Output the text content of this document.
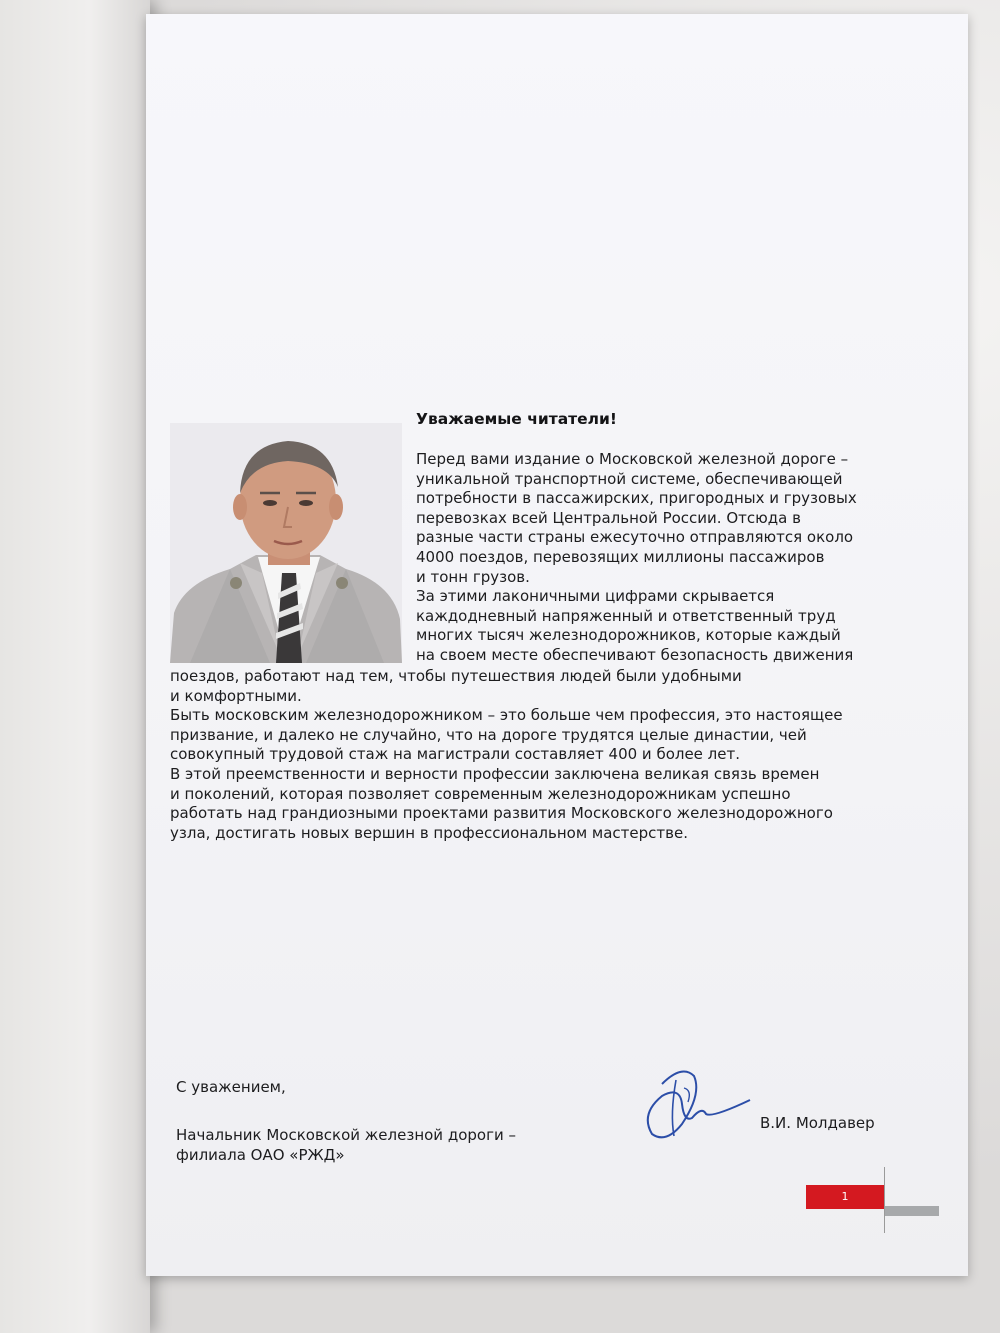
Уважаемые читатели!

Перед вами издание о Московской железной дороге –

уникальной транспортной системе, обеспечивающей

потребности в пассажирских, пригородных и грузовых

перевозках всей Центральной России. Отсюда в

разные части страны ежесуточно отправляются около

4000 поездов, перевозящих миллионы пассажиров

и тонн грузов.

За этими лаконичными цифрами скрывается

каждодневный напряженный и ответственный труд

многих тысяч железнодорожников, которые каждый

на своем месте обеспечивают безопасность движения

поездов, работают над тем, чтобы путешествия людей были удобными

и комфортными.

Быть московским железнодорожником – это больше чем профессия, это настоящее

призвание, и далеко не случайно, что на дороге трудятся целые династии, чей

совокупный трудовой стаж на магистрали составляет 400 и более лет.

В этой преемственности и верности профессии заключена великая связь времен

и поколений, которая позволяет современным железнодорожникам успешно

работать над грандиозными проектами развития Московского железнодорожного

узла, достигать новых вершин в профессиональном мастерстве.

С уважением,
Начальник Московской железной дороги –
филиала ОАО «РЖД»
В.И. Молдавер
1
